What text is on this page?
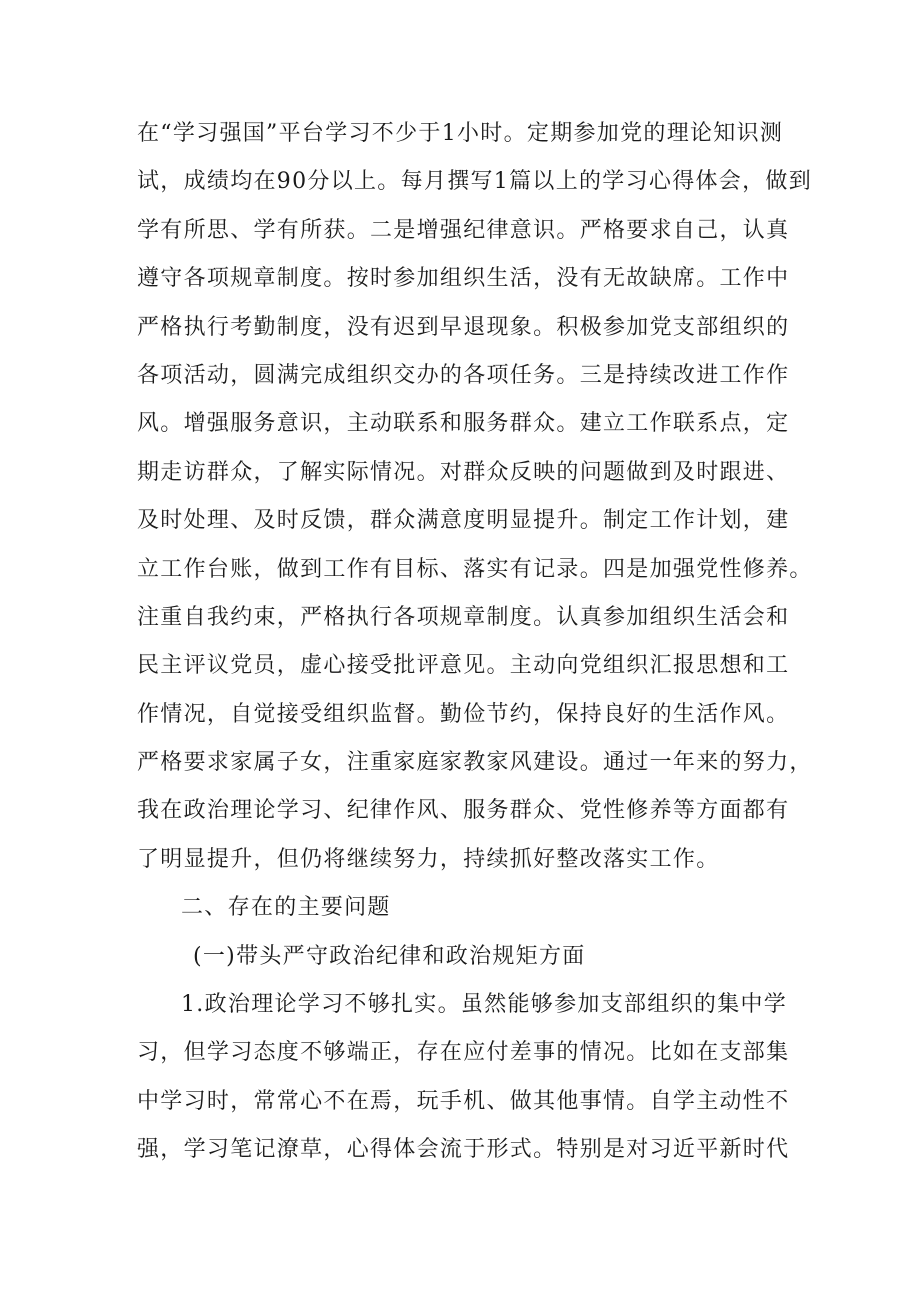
在“学习强国”平台学习不少于1小时。定期参加党的理论知识测
试，成绩均在90分以上。每月撰写1篇以上的学习心得体会，做到
学有所思、学有所获。二是增强纪律意识。严格要求自己，认真
遵守各项规章制度。按时参加组织生活，没有无故缺席。工作中
严格执行考勤制度，没有迟到早退现象。积极参加党支部组织的
各项活动，圆满完成组织交办的各项任务。三是持续改进工作作
风。增强服务意识，主动联系和服务群众。建立工作联系点，定
期走访群众，了解实际情况。对群众反映的问题做到及时跟进、
及时处理、及时反馈，群众满意度明显提升。制定工作计划，建
立工作台账，做到工作有目标、落实有记录。四是加强党性修养。
注重自我约束，严格执行各项规章制度。认真参加组织生活会和
民主评议党员，虚心接受批评意见。主动向党组织汇报思想和工
作情况，自觉接受组织监督。勤俭节约，保持良好的生活作风。
严格要求家属子女，注重家庭家教家风建设。通过一年来的努力，
我在政治理论学习、纪律作风、服务群众、党性修养等方面都有
了明显提升，但仍将继续努力，持续抓好整改落实工作。
二、存在的主要问题
(一)带头严守政治纪律和政治规矩方面
1.政治理论学习不够扎实。虽然能够参加支部组织的集中学
习，但学习态度不够端正，存在应付差事的情况。比如在支部集
中学习时，常常心不在焉，玩手机、做其他事情。自学主动性不
强，学习笔记潦草，心得体会流于形式。特别是对习近平新时代
